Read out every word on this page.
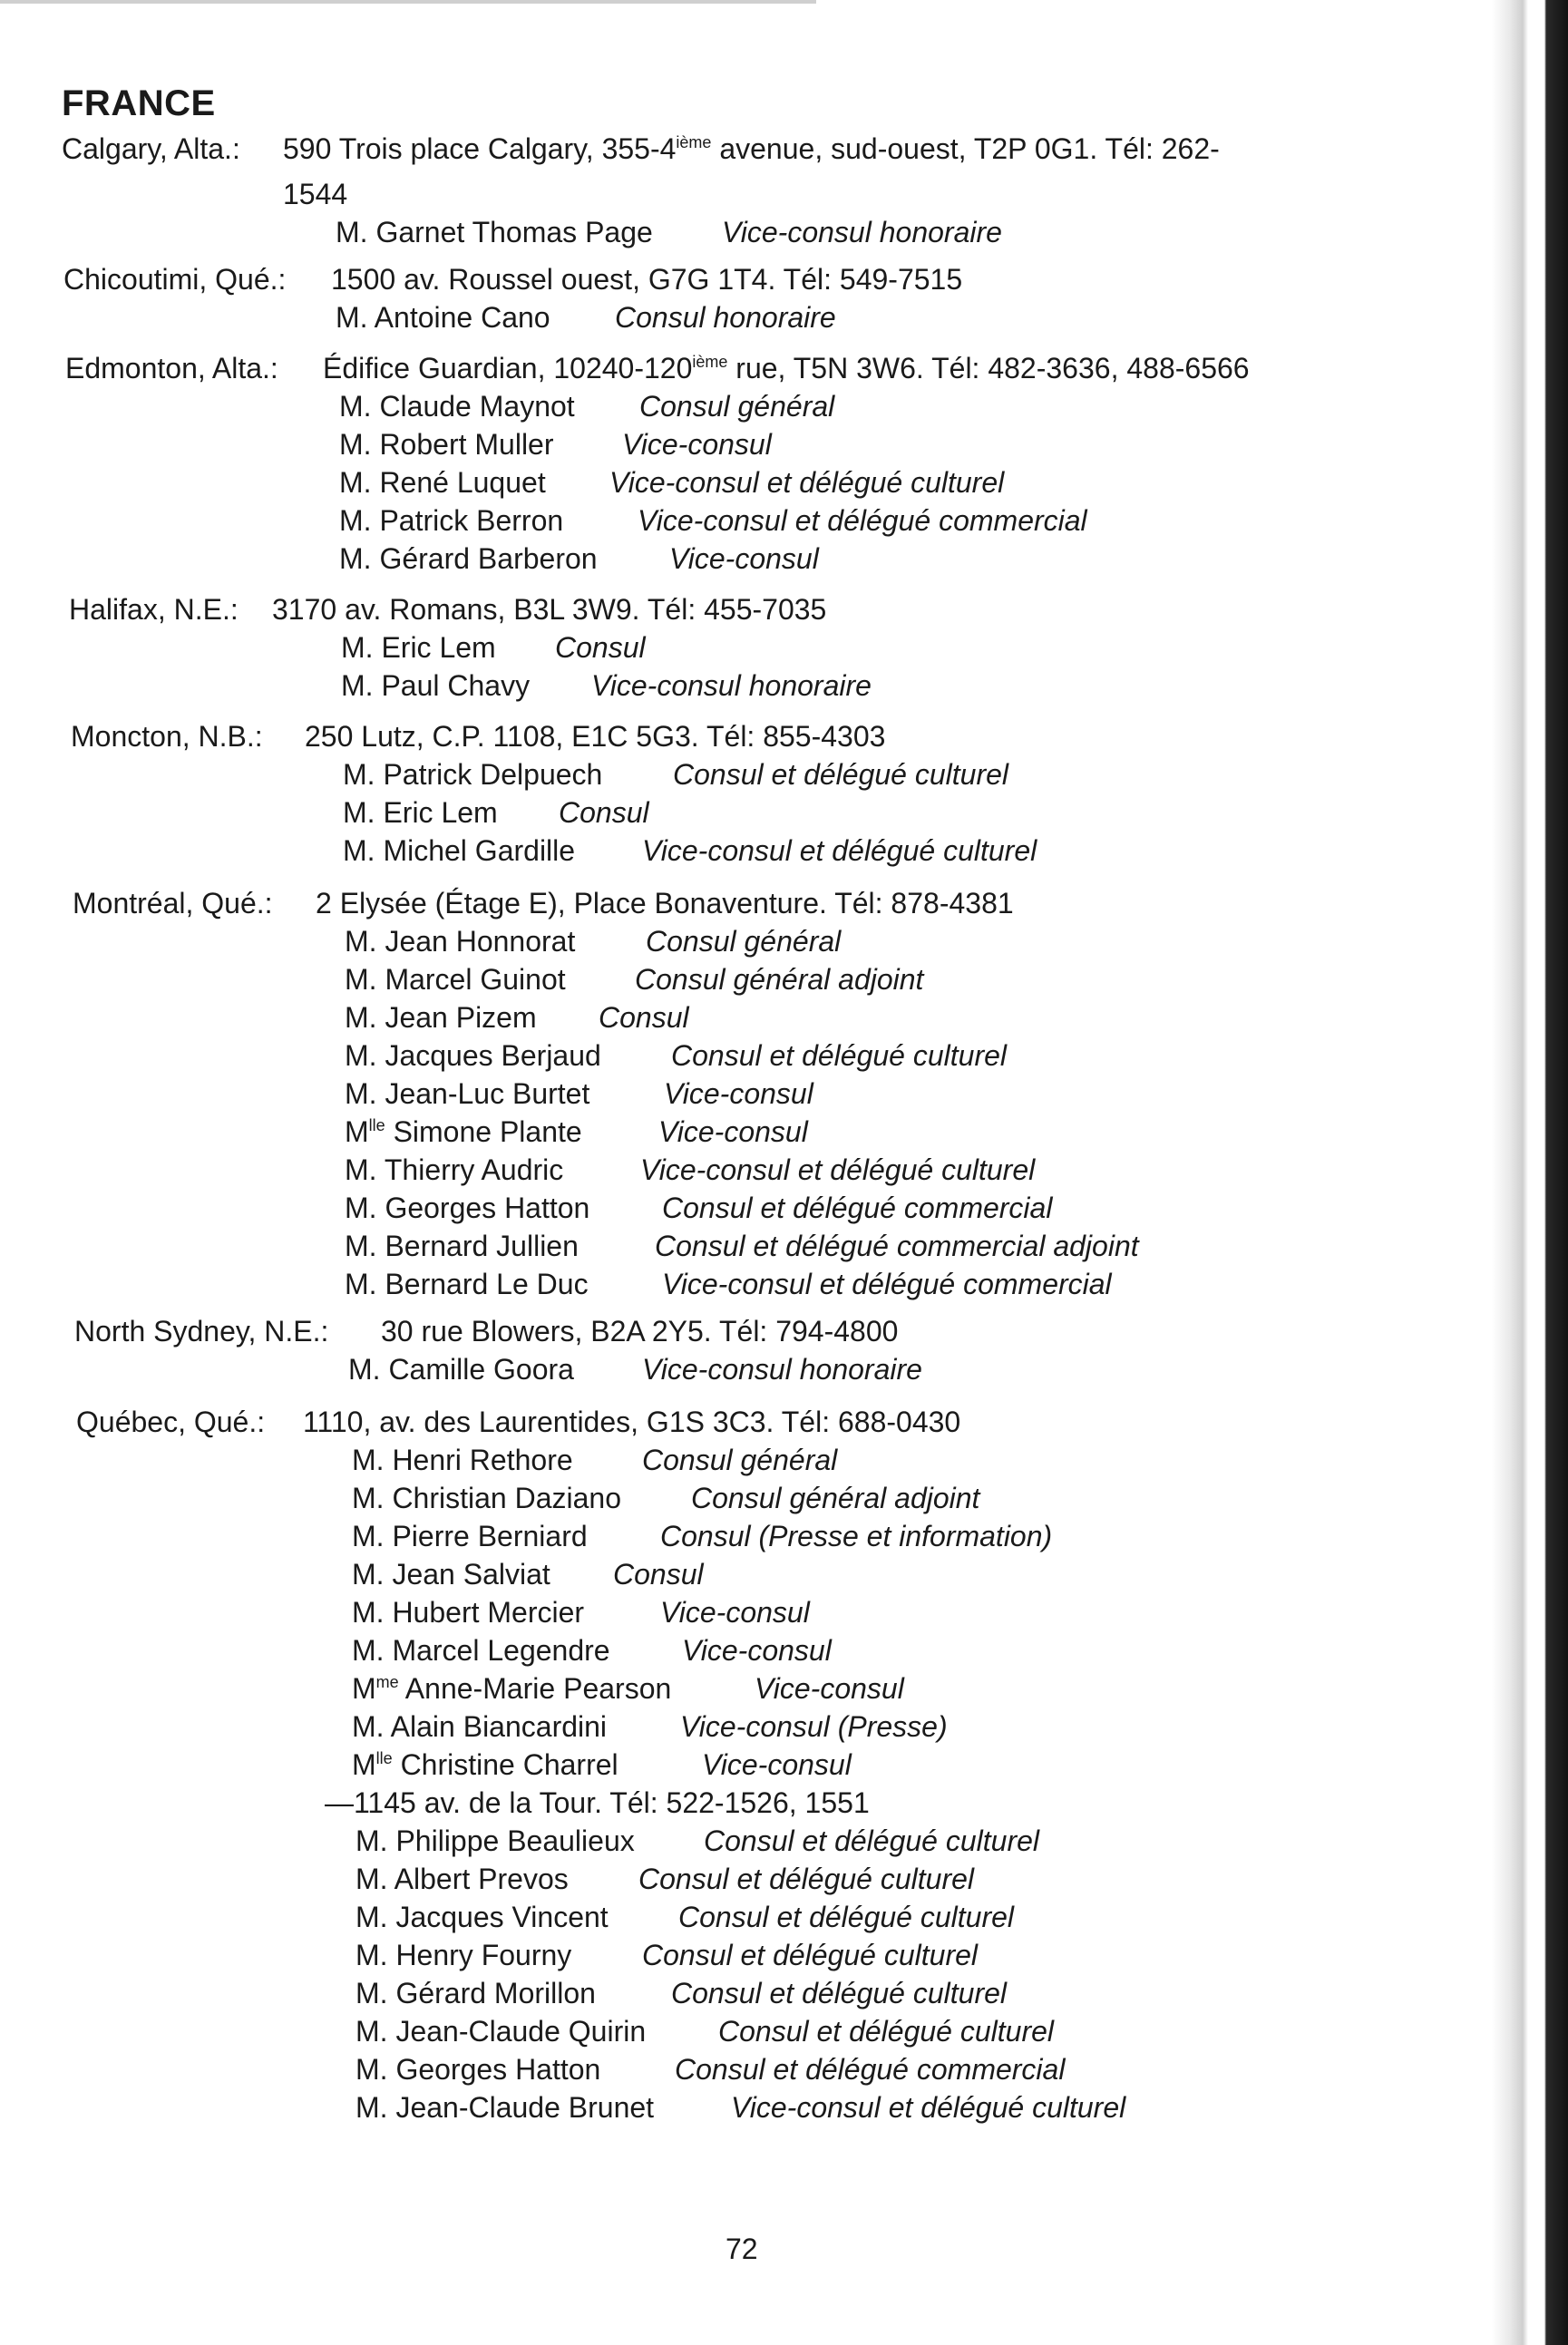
FRANCE
Calgary, Alta.: 590 Trois place Calgary, 355-4ième avenue, sud-ouest, T2P 0G1. Tél: 262-
1544
M. Garnet Thomas Page Vice-consul honoraire
Chicoutimi, Qué.: 1500 av. Roussel ouest, G7G 1T4. Tél: 549-7515
M. Antoine Cano Consul honoraire
Edmonton, Alta.: Édifice Guardian, 10240-120ième rue, T5N 3W6. Tél: 482-3636, 488-6566
M. Claude Maynot Consul général
M. Robert Muller Vice-consul
M. René Luquet Vice-consul et délégué culturel
M. Patrick Berron	Vice-consul et délégué commercial
M. Gérard Barberon Vice-consul
Halifax, N.E.: 3170 av. Romans, B3L 3W9. Tél: 455-7035
M. Eric Lem Consul
M. Paul Chavy Vice-consul honoraire
Moncton, N.B.: 250 Lutz, C.P. 1108, E1C 5G3. Tél: 855-4303
M. Patrick Delpuech Consul et délégué culturel
M. Eric Lem Consul
M. Michel Gardille Vice-consul et délégué culturel
Montréal, Qué.: 2 Elysée (Étage E), Place Bonaventure. Tél: 878-4381
M. Jean Honnorat Consul général
M. Marcel Guinot Consul général adjoint
M. Jean Pizem Consul
M. Jacques Berjaud Consul et délégué culturel
M. Jean-Luc Burtet	Vice-consul
$M^{lle}$ Simone Plante	Vice-consul
M. Thierry Audric	Vice-consul et délégué culturel
M. Georges Hatton Consul et délégué commercial
M. Bernard Jullien	Consul et délégué commercial adjoint
M. Bernard Le Duc	Vice-consul et délégué commercial
North Sydney, N.E.: 30 rue Blowers, B2A 2Y5. Tél: 794-4800
M. Camille Goora Vice-consul honoraire
Québec, Qué.: 1110, av. des Laurentides, G1S 3C3. Tél: 688-0430
M. Henri Rethore Consul général
M. Christian Daziano Consul général adjoint
M. Pierre Berniard	Consul (Presse et information)
M. Jean Salviat Consul
M. Hubert Mercier	Vice-consul
M. Marcel Legendre Vice-consul
$M^{me}$ Anne-Marie Pearson	Vice-consul
M. Alain Biancardini	Vice-consul (Presse)
$M^{lle}$ Christine Charrel	Vice-consul
—1145 av. de la Tour. Tél: 522-1526, 1551
M. Philippe Beaulieux Consul et délégué culturel
M. Albert Prevos Consul et délégué culturel
M. Jacques Vincent Consul et délégué culturel
M. Henry Fourny Consul et délégué culturel
M. Gérard Morillon	Consul et délégué culturel
M. Jean-Claude Quirin Consul et délégué culturel
M. Georges Hatton	Consul et délégué commercial
M. Jean-Claude Brunet	Vice-consul et délégué culturel
72
